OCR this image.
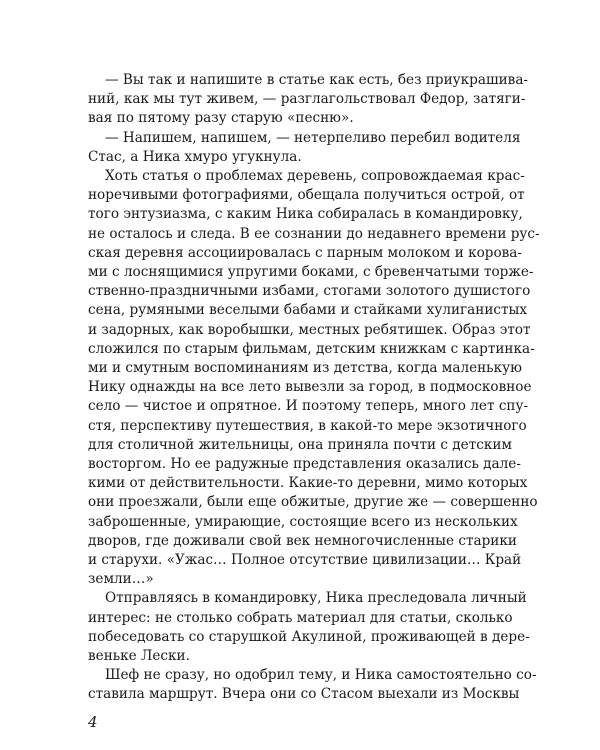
— Вы так и напишите в статье как есть, без приукрашива-
ний, как мы тут живем, — разглагольствовал Федор, затяги-
вая по пятому разу старую «песню».
— Напишем, напишем, — нетерпеливо перебил водителя
Стас, а Ника хмуро угукнула.
Хоть статья о проблемах деревень, сопровождаемая крас-
норечивыми фотографиями, обещала получиться острой, от
того энтузиазма, с каким Ника собиралась в командировку,
не осталось и следа. В ее сознании до недавнего времени рус-
ская деревня ассоциировалась с парным молоком и корова-
ми с лоснящимися упругими боками, с бревенчатыми торже-
ственно-праздничными избами, стогами золотого душистого
сена, румяными веселыми бабами и стайками хулиганистых
и задорных, как воробышки, местных ребятишек. Образ этот
сложился по старым фильмам, детским книжкам с картинка-
ми и смутным воспоминаниям из детства, когда маленькую
Нику однажды на все лето вывезли за город, в подмосковное
село — чистое и опрятное. И поэтому теперь, много лет спу-
стя, перспективу путешествия, в какой-то мере экзотичного
для столичной жительницы, она приняла почти с детским
восторгом. Но ее радужные представления оказались дале-
кими от действительности. Какие-то деревни, мимо которых
они проезжали, были еще обжитые, другие же — совершенно
заброшенные, умирающие, состоящие всего из нескольких
дворов, где доживали свой век немногочисленные старики
и старухи. «Ужас… Полное отсутствие цивилизации… Край
земли…»
Отправляясь в командировку, Ника преследовала личный
интерес: не столько собрать материал для статьи, сколько
побеседовать со старушкой Акулиной, проживающей в дере-
веньке Лески.
Шеф не сразу, но одобрил тему, и Ника самостоятельно со-
ставила маршрут. Вчера они со Стасом выехали из Москвы
4
